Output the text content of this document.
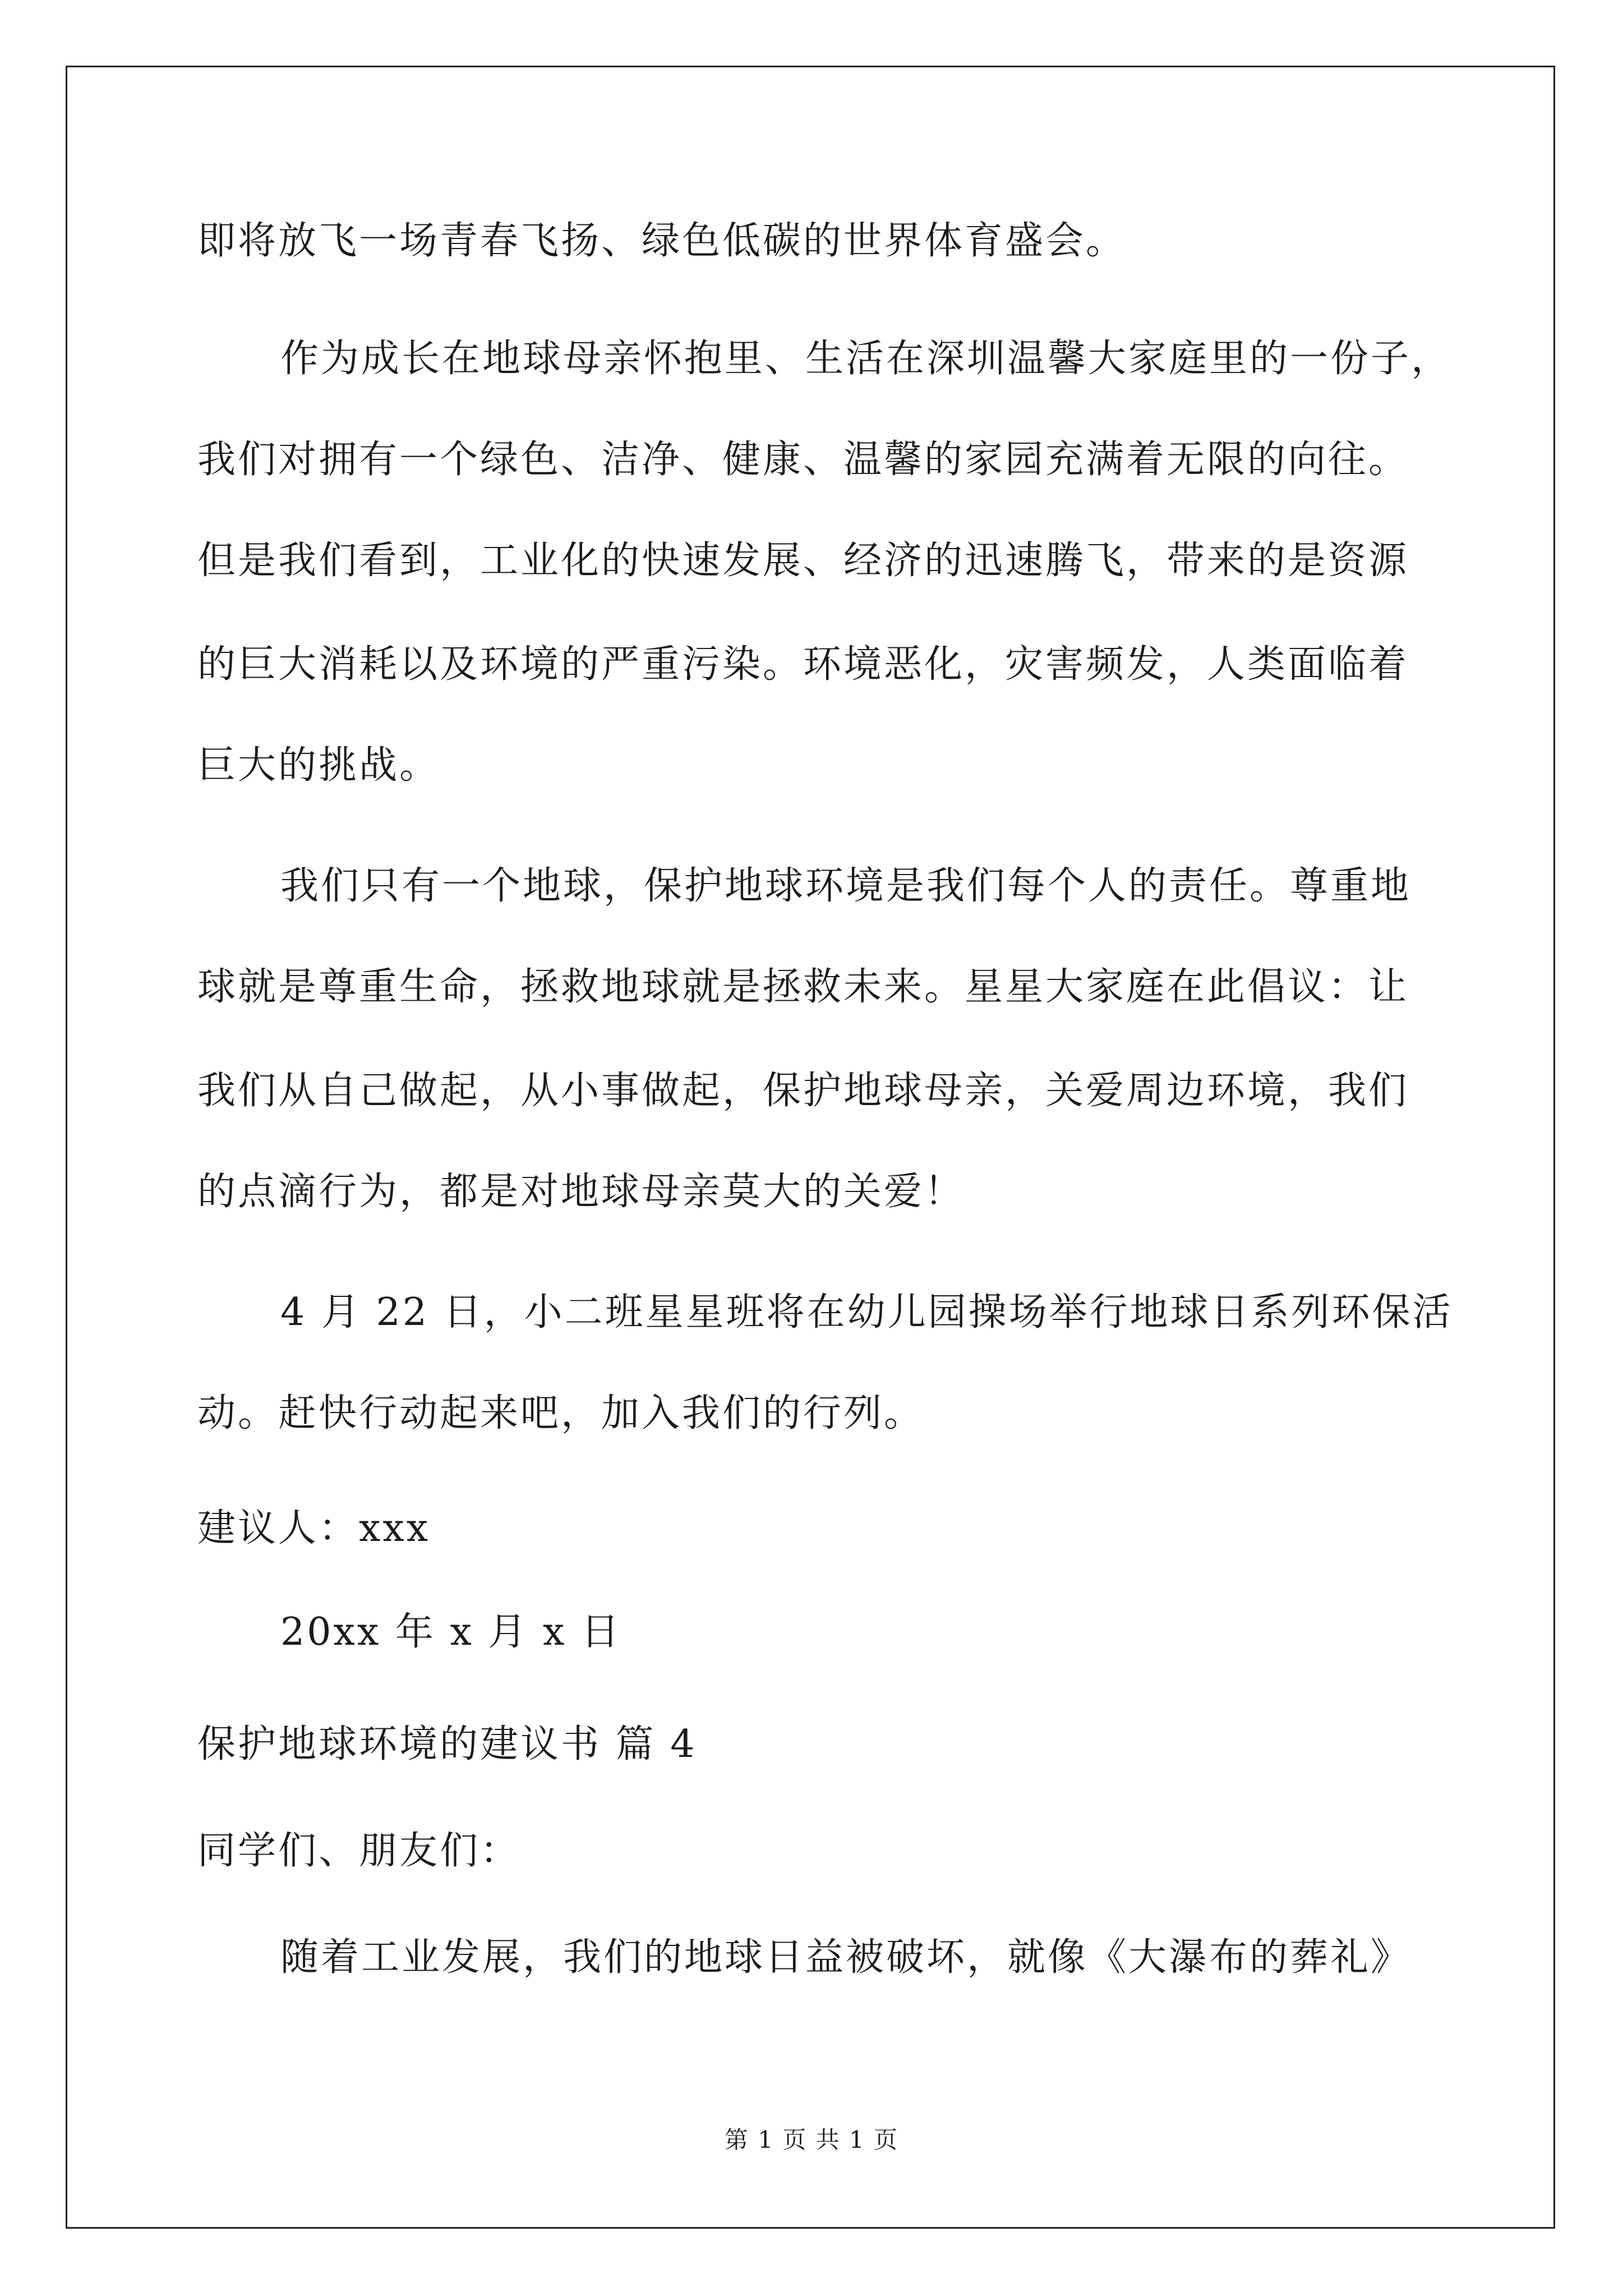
即将放飞一场青春飞扬、绿色低碳的世界体育盛会。
作为成长在地球母亲怀抱里、生活在深圳温馨大家庭里的一份子，
我们对拥有一个绿色、洁净、健康、温馨的家园充满着无限的向往。
但是我们看到，工业化的快速发展、经济的迅速腾飞，带来的是资源
的巨大消耗以及环境的严重污染。环境恶化，灾害频发，人类面临着
巨大的挑战。
我们只有一个地球，保护地球环境是我们每个人的责任。尊重地
球就是尊重生命，拯救地球就是拯救未来。星星大家庭在此倡议：让
我们从自己做起，从小事做起，保护地球母亲，关爱周边环境，我们
的点滴行为，都是对地球母亲莫大的关爱！
4 月 22 日，小二班星星班将在幼儿园操场举行地球日系列环保活
动。赶快行动起来吧，加入我们的行列。
建议人：xxx
20xx 年 x 月 x 日
保护地球环境的建议书 篇 4
同学们、朋友们：
随着工业发展，我们的地球日益被破坏，就像《大瀑布的葬礼》
第 1 页 共 1 页
